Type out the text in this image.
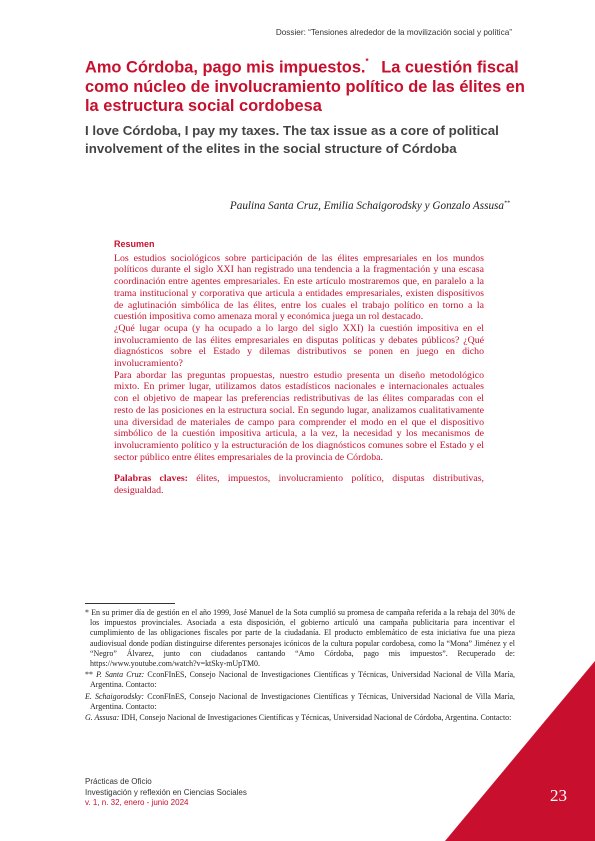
Dossier: “Tensiones alrededor de la movilización social y política”
Amo Córdoba, pago mis impuestos.* La cuestión fiscal como núcleo de involucramiento político de las élites en la estructura social cordobesa
I love Córdoba, I pay my taxes. The tax issue as a core of political involvement of the elites in the social structure of Córdoba
Paulina Santa Cruz, Emilia Schaigorodsky y Gonzalo Assusa**
Resumen

Los estudios sociológicos sobre participación de las élites empresariales en los mundos políticos durante el siglo XXI han registrado una tendencia a la fragmentación y una escasa coordinación entre agentes empresariales. En este artículo mostraremos que, en paralelo a la trama institucional y corporativa que articula a entidades empresariales, existen dispositivos de aglutinación simbólica de las élites, entre los cuales el trabajo político en torno a la cuestión impositiva como amenaza moral y económica juega un rol destacado.

¿Qué lugar ocupa (y ha ocupado a lo largo del siglo XXI) la cuestión impositiva en el involucramiento de las élites empresariales en disputas políticas y debates públicos? ¿Qué diagnósticos sobre el Estado y dilemas distributivos se ponen en juego en dicho involucramiento?

Para abordar las preguntas propuestas, nuestro estudio presenta un diseño metodológico mixto. En primer lugar, utilizamos datos estadísticos nacionales e internacionales actuales con el objetivo de mapear las preferencias redistributivas de las élites comparadas con el resto de las posiciones en la estructura social. En segundo lugar, analizamos cualitativamente una diversidad de materiales de campo para comprender el modo en el que el dispositivo simbólico de la cuestión impositiva articula, a la vez, la necesidad y los mecanismos de involucramiento político y la estructuración de los diagnósticos comunes sobre el Estado y el sector público entre élites empresariales de la provincia de Córdoba.

Palabras claves: élites, impuestos, involucramiento político, disputas distributivas, desigualdad.

* En su primer día de gestión en el año 1999, José Manuel de la Sota cumplió su promesa de campaña referida a la rebaja del 30% de los impuestos provinciales. Asociada a esta disposición, el gobierno articuló una campaña publicitaria para incentivar el cumplimiento de las obligaciones fiscales por parte de la ciudadanía. El producto emblemático de esta iniciativa fue una pieza audiovisual donde podían distinguirse diferentes personajes icónicos de la cultura popular cordobesa, como la “Mona” Jiménez y el “Negro” Álvarez, junto con ciudadanos cantando “Amo Córdoba, pago mis impuestos”. Recuperado de: https://www.youtube.com/watch?v=ktSky-mUpTM0.

** P. Santa Cruz: CconFInES, Consejo Nacional de Investigaciones Científicas y Técnicas, Universidad Nacional de Villa María, Argentina. Contacto:

E. Schaigorodsky: CconFInES, Consejo Nacional de Investigaciones Científicas y Técnicas, Universidad Nacional de Villa María, Argentina. Contacto:

G. Assusa: IDH, Consejo Nacional de Investigaciones Científicas y Técnicas, Universidad Nacional de Córdoba, Argentina. Contacto:

Prácticas de Oficio
Investigación y reflexión en Ciencias Sociales
v. 1, n. 32, enero - junio 2024	23
